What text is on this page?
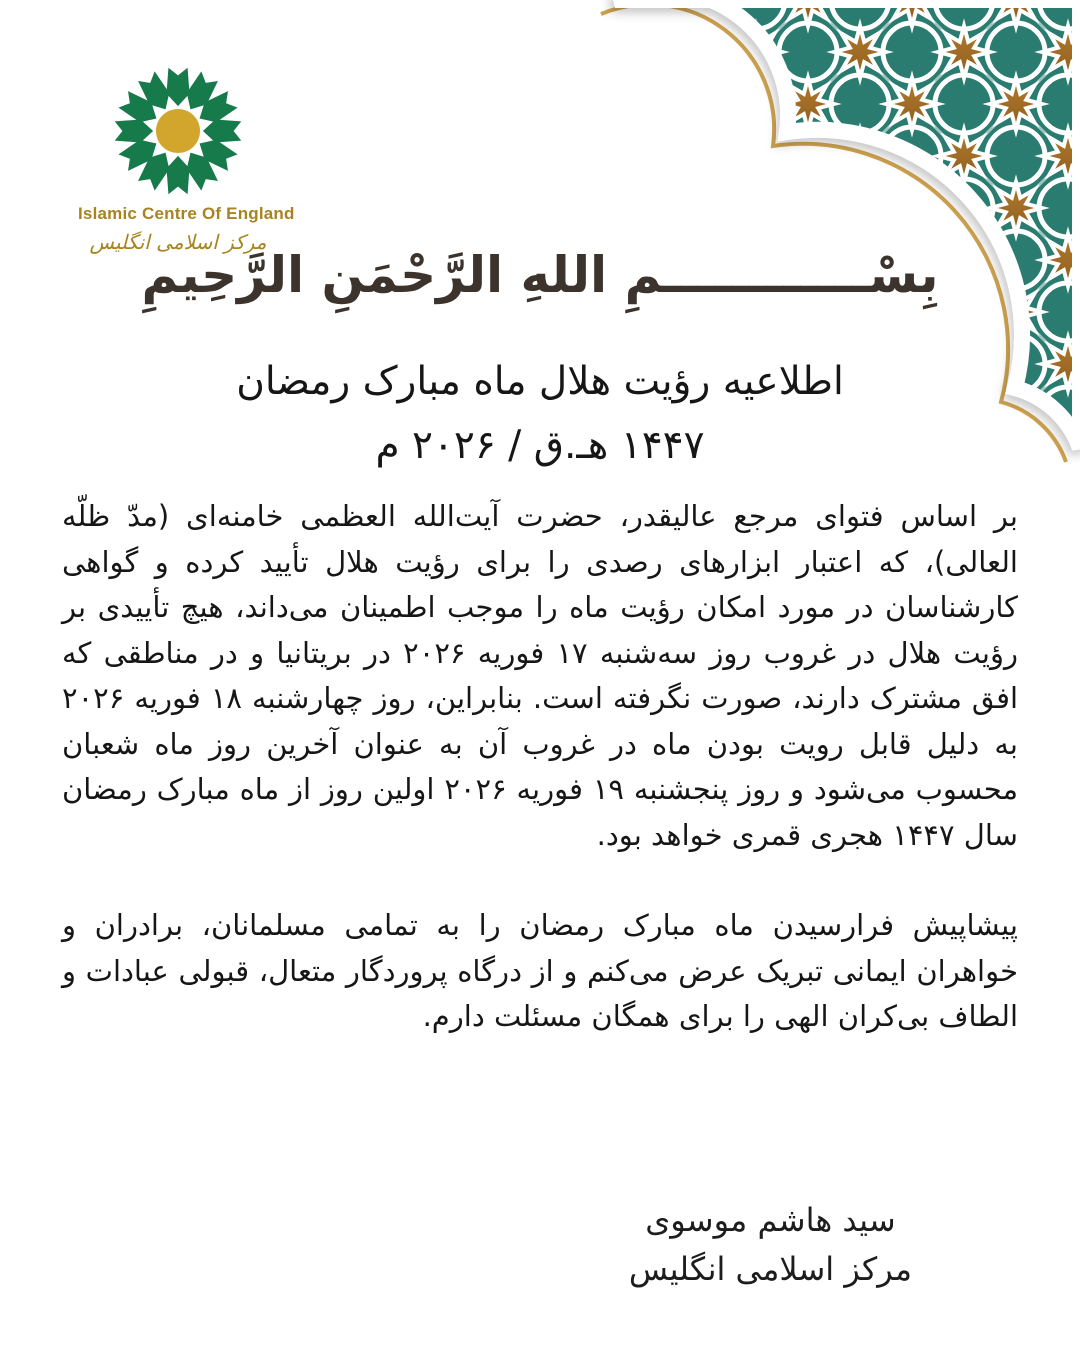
Islamic Centre Of England
مرکز اسلامی انگلیس
بِسْــــــــــــمِ اللهِ الرَّحْمَنِ الرَّحِيمِ
اطلاعیه رؤیت هلال ماه مبارک رمضان
۱۴۴۷ هـ.ق / ۲۰۲۶ م

بر اساس فتوای مرجع عالیقدر، حضرت آیت‌الله العظمی خامنه‌ای (مدّ ظلّه العالی)، که اعتبار ابزارهای رصدی را برای رؤیت هلال تأیید کرده و گواهی کارشناسان در مورد امکان رؤیت ماه را موجب اطمینان می‌داند، هیچ تأییدی بر رؤیت هلال در غروب روز سه‌شنبه ۱۷ فوریه ۲۰۲۶ در بریتانیا و در مناطقی که افق مشترک دارند، صورت نگرفته است. بنابراین، روز چهارشنبه ۱۸ فوریه ۲۰۲۶ به دلیل قابل رویت بودن ماه در غروب آن به عنوان آخرین روز ماه شعبان محسوب می‌شود و روز پنجشنبه ۱۹ فوریه ۲۰۲۶ اولین روز از ماه مبارک رمضان سال ۱۴۴۷ هجری قمری خواهد بود.

پیشاپیش فرارسیدن ماه مبارک رمضان را به تمامی مسلمانان، برادران و خواهران ایمانی تبریک عرض می‌کنم و از درگاه پروردگار متعال، قبولی عبادات و الطاف بی‌کران الهی را برای همگان مسئلت دارم.

سید هاشم موسوی
مرکز اسلامی انگلیس
